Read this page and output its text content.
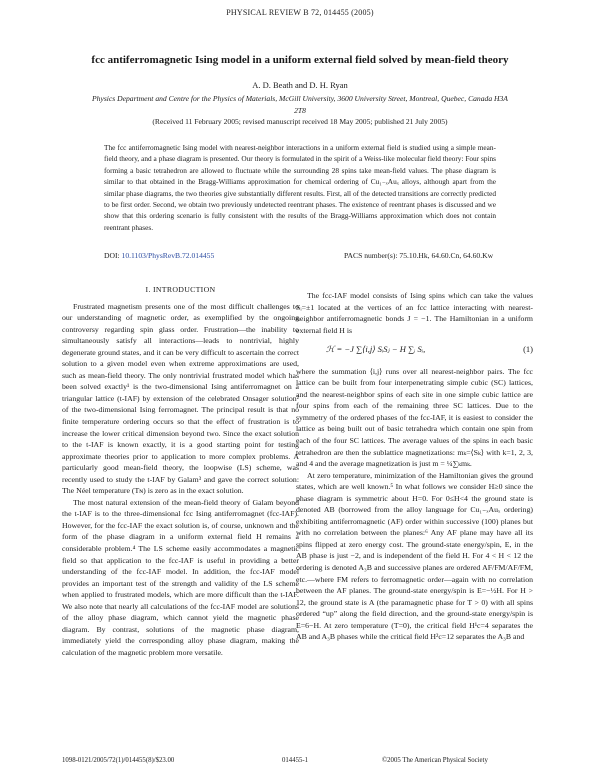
PHYSICAL REVIEW B 72, 014455 (2005)
fcc antiferromagnetic Ising model in a uniform external field solved by mean-field theory
A. D. Beath and D. H. Ryan
Physics Department and Centre for the Physics of Materials, McGill University, 3600 University Street, Montreal, Quebec, Canada H3A 2T8
(Received 11 February 2005; revised manuscript received 18 May 2005; published 21 July 2005)
The fcc antiferromagnetic Ising model with nearest-neighbor interactions in a uniform external field is studied using a simple mean-field theory, and a phase diagram is presented. Our theory is formulated in the spirit of a Weiss-like molecular field theory: Four spins forming a basic tetrahedron are allowed to fluctuate while the surrounding 28 spins take mean-field values. The phase diagram is similar to that obtained in the Bragg-Williams approximation for chemical ordering of Cu₁₋ₓAuₓ alloys, although apart from the similar phase diagrams, the two theories give substantially different results. First, all of the detected transitions are correctly predicted to be first order. Second, we obtain two previously undetected reentrant phases. The existence of reentrant phases is discussed and we show that this ordering scenario is fully consistent with the results of the Bragg-Williams approximation which does not contain reentrant phases.
DOI: 10.1103/PhysRevB.72.014455	PACS number(s): 75.10.Hk, 64.60.Cn, 64.60.Kw
I. INTRODUCTION

Frustrated magnetism presents one of the most difficult challenges to our understanding of magnetic order, as exemplified by the ongoing controversy regarding spin glass order. Frustration—the inability to simultaneously satisfy all interactions—leads to nontrivial, highly degenerate ground states, and it can be very difficult to ascertain the correct solution to a given model even when extreme approximations are used, such as mean-field theory. The only nontrivial frustrated model which has been solved exactly¹ is the two-dimensional Ising antiferromagnet on a triangular lattice (t-IAF) by extension of the celebrated Onsager solution² of the two-dimensional Ising ferromagnet. The principal result is that no finite temperature ordering occurs so that the effect of frustration is to increase the lower critical dimension beyond two. Since the exact solution to the t-IAF is known exactly, it is a good starting point for testing approximate theories prior to application to more complex problems. A particularly good mean-field theory, the loopwise (LS) scheme, was recently used to study the t-IAF by Galam³ and gave the correct solution: The Néel temperature (Tɴ) is zero as in the exact solution.

The most natural extension of the mean-field theory of Galam beyond the t-IAF is to the three-dimensional fcc Ising antiferromagnet (fcc-IAF). However, for the fcc-IAF the exact solution is, of course, unknown and the form of the phase diagram in a uniform external field H remains a considerable problem.⁴ The LS scheme easily accommodates a magnetic field so that application to the fcc-IAF is useful in providing a better understanding of the fcc-IAF model. In addition, the fcc-IAF model provides an important test of the strength and validity of the LS scheme when applied to frustrated models, which are more difficult than the t-IAF. We also note that nearly all calculations of the fcc-IAF model are solutions of the alloy phase diagram, which cannot yield the magnetic phase diagram. By contrast, solutions of the magnetic phase diagram, immediately yield the corresponding alloy phase diagram, making the calculation of the magnetic problem more versatile.

The fcc-IAF model consists of Ising spins which can take the values Sᵢ=±1 located at the vertices of an fcc lattice interacting with nearest-neighbor antiferromagnetic bonds J = −1. The Hamiltonian in a uniform external field H is

ℋ = −J ∑⟨i,j⟩ SᵢSⱼ − H ∑ᵢ Sᵢ,	(1)

where the summation ⟨i,j⟩ runs over all nearest-neighbor pairs. The fcc lattice can be built from four interpenetrating simple cubic (SC) lattices, and the nearest-neighbor spins of each site in one simple cubic lattice are four spins from each of the remaining three SC lattices. Due to the symmetry of the ordered phases of the fcc-IAF, it is easiest to consider the lattice as being built out of basic tetrahedra which contain one spin from each of the four SC lattices. The average values of the spins in each basic tetrahedron are then the sublattice magnetizations: mₖ=⟨Sₖ⟩ with k=1, 2, 3, and 4 and the average magnetization is just m = ¼∑ₖmₖ.

At zero temperature, minimization of the Hamiltonian gives the ground states, which are well known.⁵ In what follows we consider H≥0 since the phase diagram is symmetric about H=0. For 0≤H<4 the ground state is denoted AB (borrowed from the alloy language for Cu₁₋ₓAuₓ ordering) exhibiting antiferromagnetic (AF) order within successive (100) planes but with no correlation between the planes:⁶ Any AF plane may have all its spins flipped at zero energy cost. The ground-state energy/spin, E, in the AB phase is just −2, and is independent of the field H. For 4 < H < 12 the ordering is denoted A₃B and successive planes are ordered AF/FM/AF/FM, etc.—where FM refers to ferromagnetic order—again with no correlation between the AF planes. The ground-state energy/spin is E=−½H. For H > 12, the ground state is A (the paramagnetic phase for T > 0) with all spins ordered “up” along the field direction, and the ground-state energy/spin is E=6−H. At zero temperature (T=0), the critical field H¹c=4 separates the AB and A₃B phases while the critical field H²c=12 separates the A₃B and

1098-0121/2005/72(1)/014455(8)/$23.00	014455-1	©2005 The American Physical Society
